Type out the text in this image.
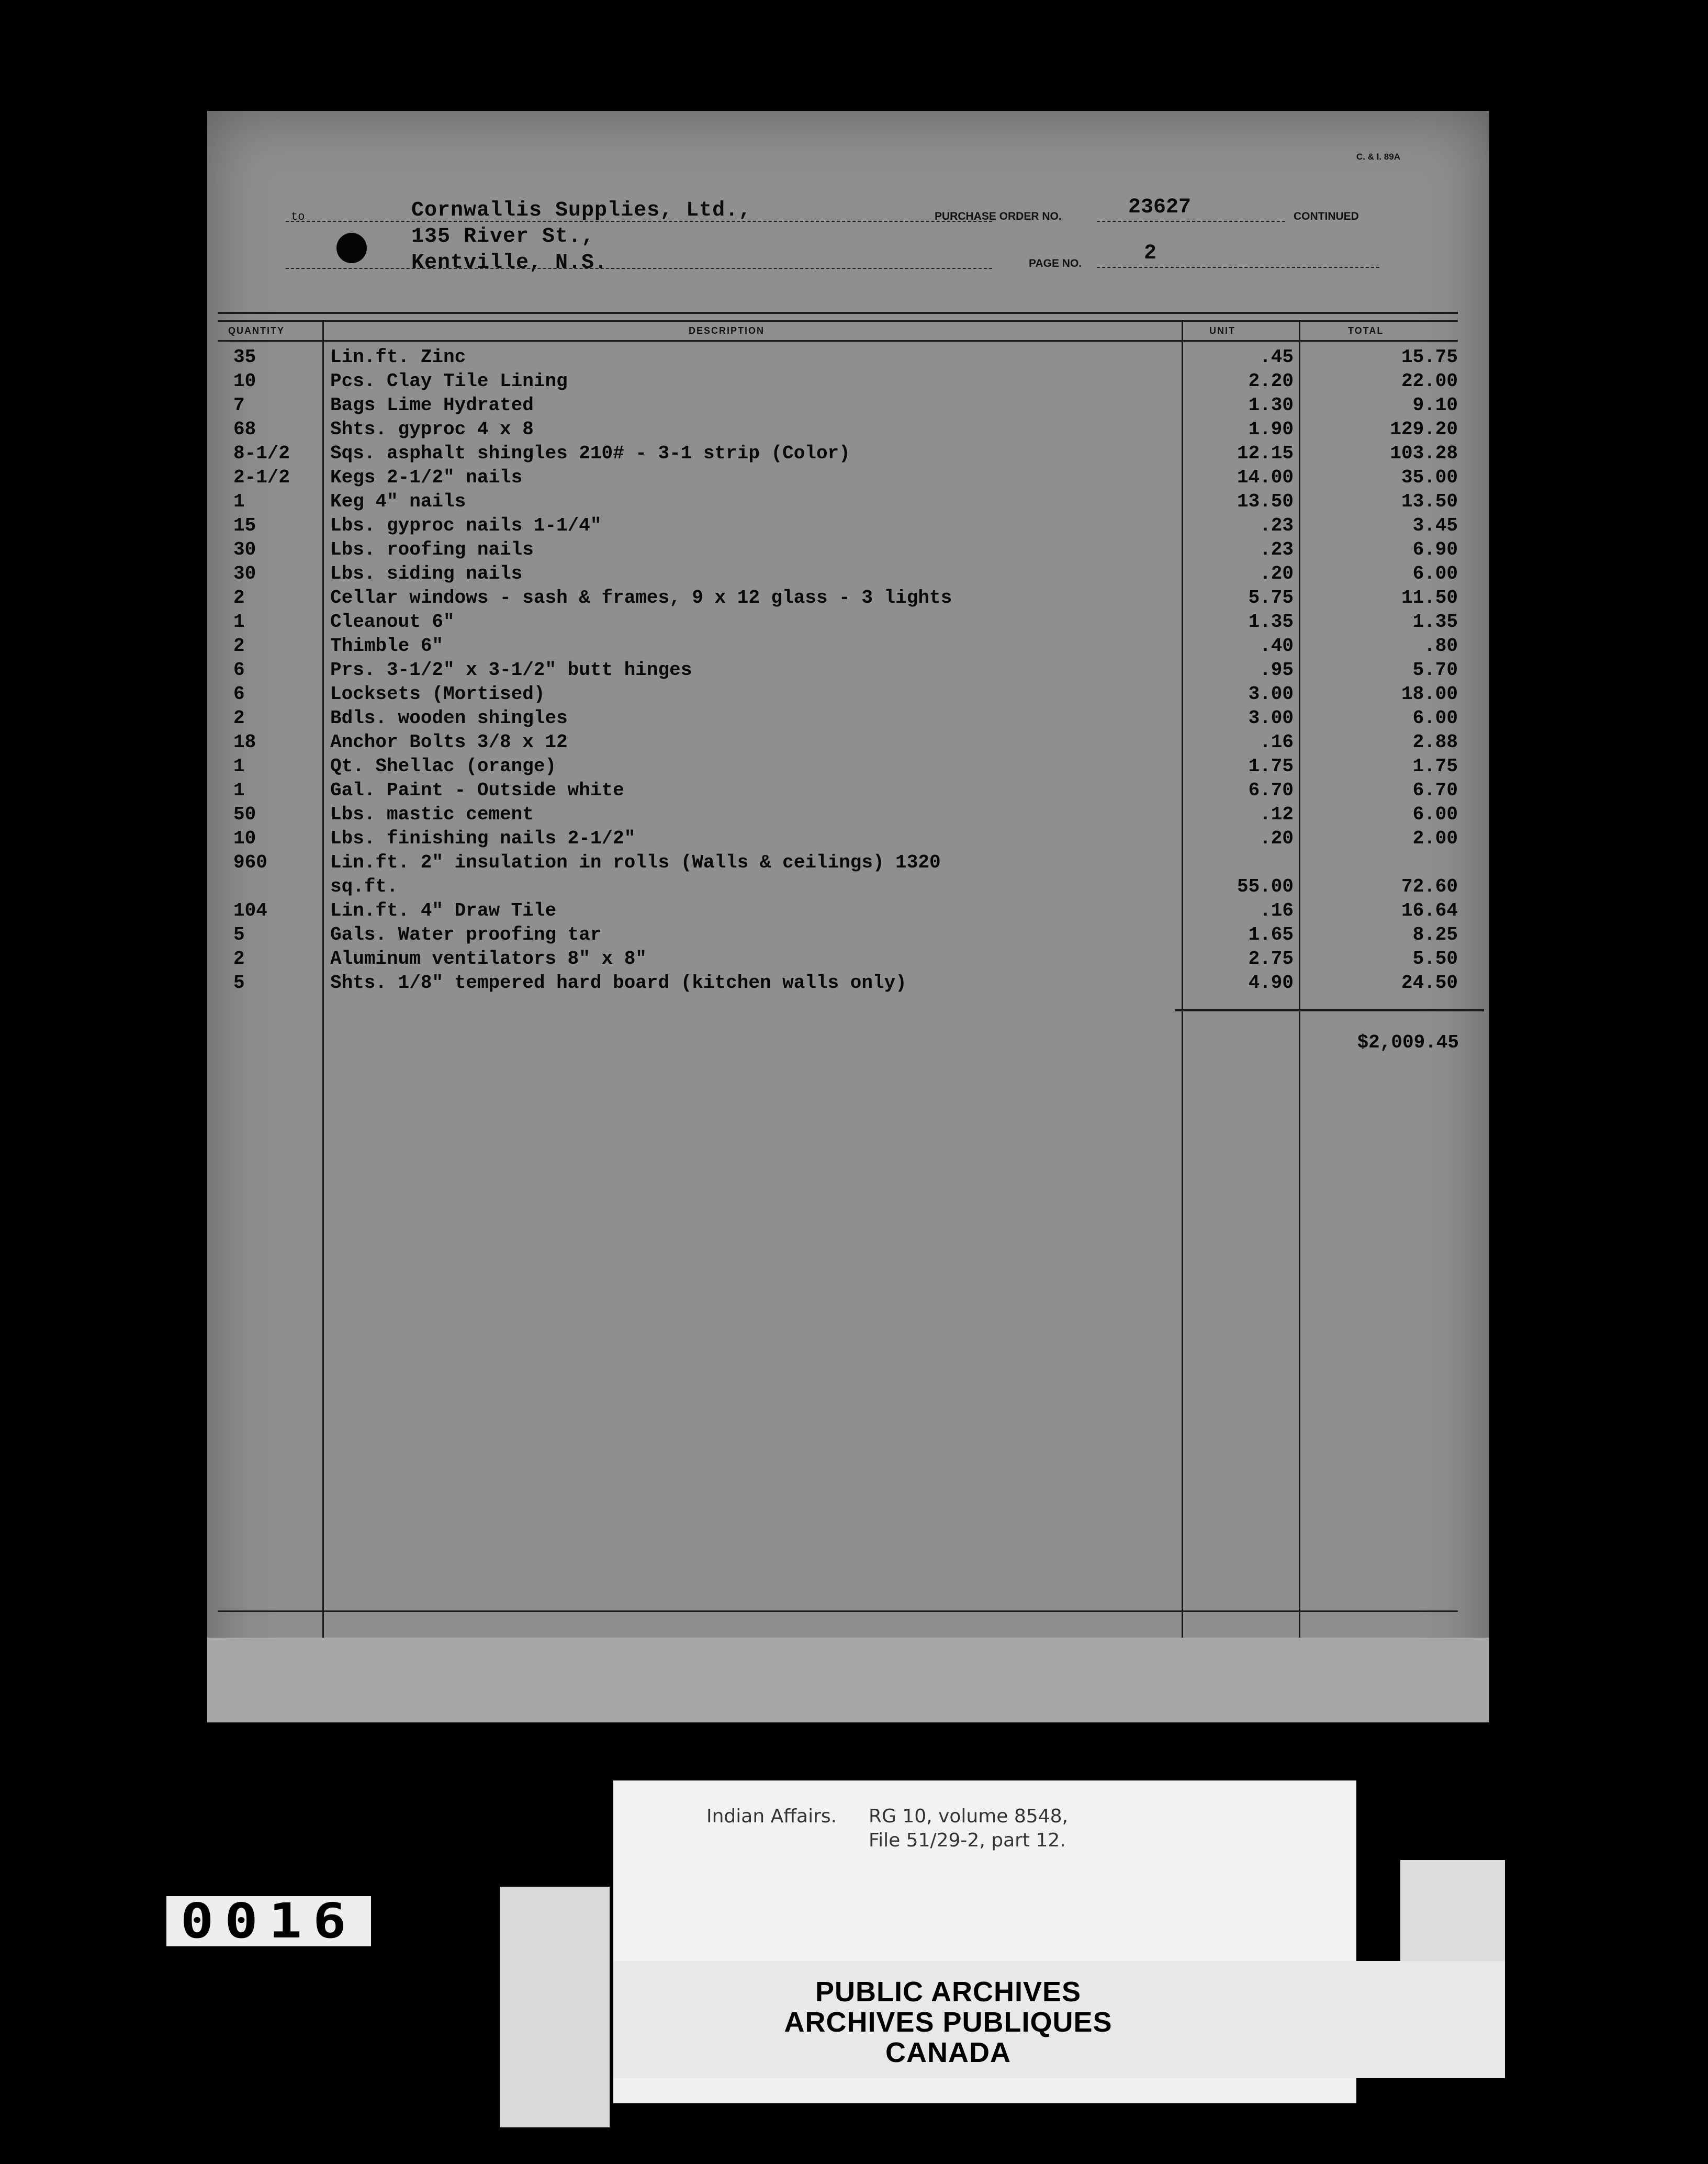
C. & I. 89A
to	Cornwallis Supplies, Ltd.,
135 River St.,
Kentville, N.S.
PURCHASE ORDER NO.	23627	CONTINUED
PAGE NO.	2
QUANTITY	DESCRIPTION	UNIT	TOTAL
35	Lin.ft. Zinc	.45	15.75
10	Pcs. Clay Tile Lining	2.20	22.00
7	Bags Lime Hydrated	1.30	9.10
68	Shts. gyproc 4 x 8	1.90	129.20
8-1/2 Sqs. asphalt shingles 210# - 3-1 strip (Color)	12.15	103.28
2-1/2 Kegs 2-1/2" nails	14.00	35.00
1	Keg 4" nails	13.50	13.50
15	Lbs. gyproc nails 1-1/4"	.23	3.45
30	Lbs. roofing nails	.23	6.90
30	Lbs. siding nails	.20	6.00
2	Cellar windows - sash & frames, 9 x 12 glass - 3 lights	5.75	11.50
1	Cleanout 6"	1.35	1.35
2	Thimble 6"	.40	.80
6	Prs. 3-1/2" x 3-1/2" butt hinges	.95	5.70
6	Locksets (Mortised)	3.00	18.00
2	Bdls. wooden shingles	3.00	6.00
18	Anchor Bolts 3/8 x 12	.16	2.88
1	Qt. Shellac (orange)	1.75	1.75
1	Gal. Paint - Outside white	6.70	6.70
50	Lbs. mastic cement	.12	6.00
10	Lbs. finishing nails 2-1/2"	.20	2.00
960	Lin.ft. 2" insulation in rolls (Walls & ceilings) 1320
sq.ft.	55.00	72.60
104	Lin.ft. 4" Draw Tile	.16	16.64
5	Gals. Water proofing tar	1.65	8.25
2	Aluminum ventilators 8" x 8"	2.75	5.50
5	Shts. 1/8" tempered hard board (kitchen walls only)	4.90	24.50
$2,009.45
0016
Indian Affairs. RG 10, volume 8548,
File 51/29-2, part 12.
PUBLIC ARCHIVES
ARCHIVES PUBLIQUES
CANADA
